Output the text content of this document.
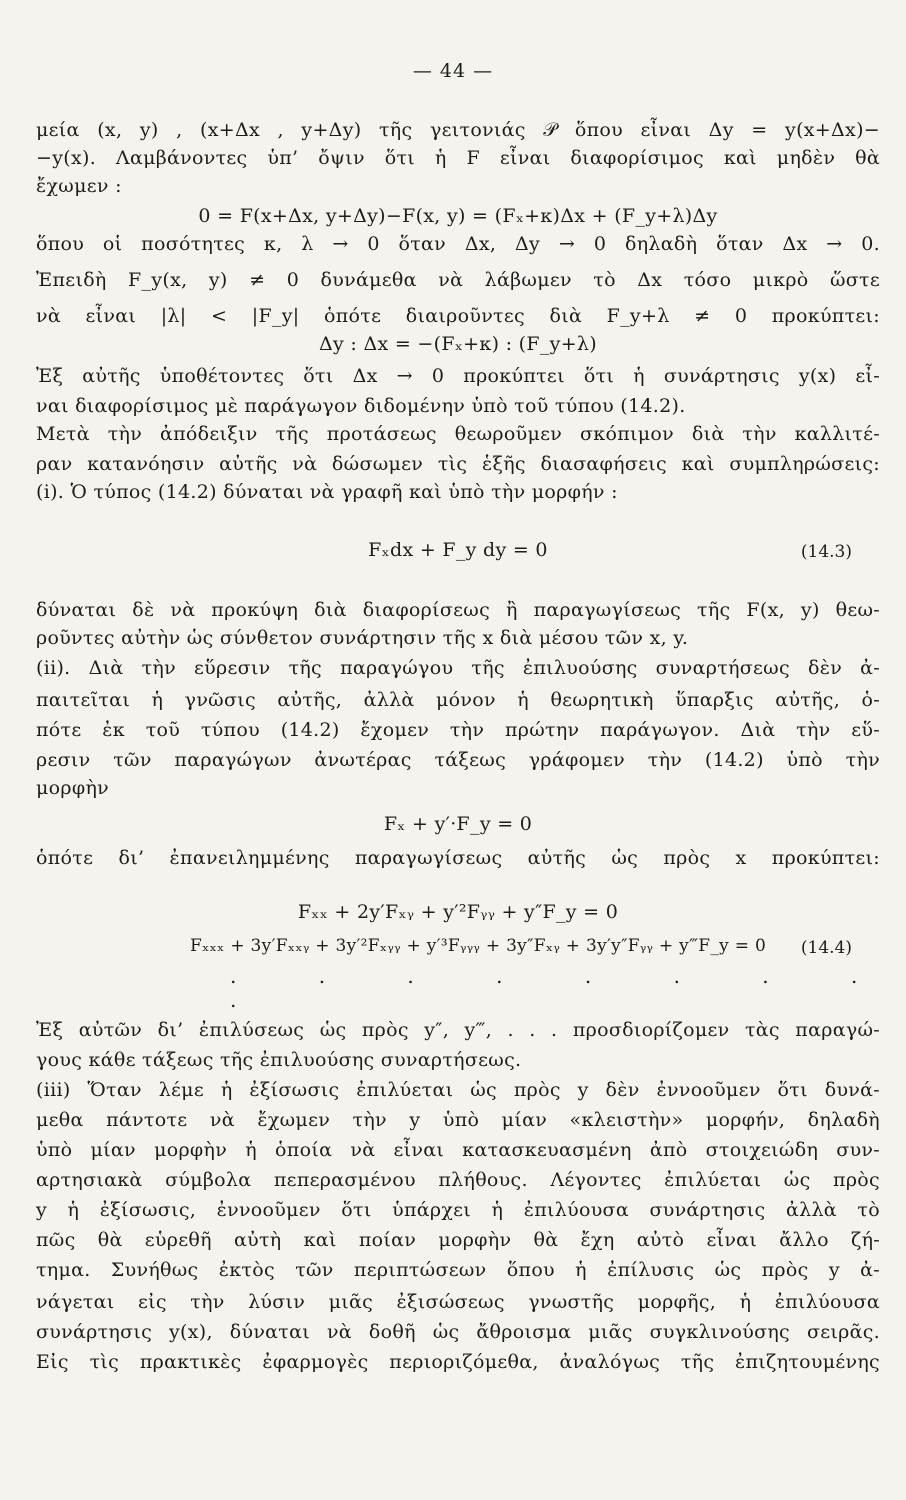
— 44 —
μεία (x, y) , (x+Δx , y+Δy) τῆς γειτονιάς 𝒫 ὅπου εἶναι Δy = y(x+Δx)−
−y(x). Λαμβάνοντες ὑπ’ ὄψιν ὅτι ἡ F εἶναι διαφορίσιμος καὶ μηδὲν θὰ
ἔχωμεν :
0 = F(x+Δx, y+Δy)−F(x, y) = (Fₓ+κ)Δx + (F_y+λ)Δy
ὅπου οἱ ποσότητες κ, λ → 0 ὅταν Δx, Δy → 0 δηλαδὴ ὅταν Δx → 0.
Ἐπειδὴ F_y(x, y) ≠ 0 δυνάμεθα νὰ λάβωμεν τὸ Δx τόσο μικρὸ ὥστε
νὰ εἶναι |λ| < |F_y| ὁπότε διαιροῦντες διὰ F_y+λ ≠ 0 προκύπτει:
Δy : Δx = −(Fₓ+κ) : (F_y+λ)
Ἐξ αὐτῆς ὑποθέτοντες ὅτι Δx → 0 προκύπτει ὅτι ἡ συνάρτησις y(x) εἶ-
ναι διαφορίσιμος μὲ παράγωγον διδομένην ὑπὸ τοῦ τύπου (14.2).
Μετὰ τὴν ἀπόδειξιν τῆς προτάσεως θεωροῦμεν σκόπιμον διὰ τὴν καλλιτέ-
ραν κατανόησιν αὐτῆς νὰ δώσωμεν τὶς ἑξῆς διασαφήσεις καὶ συμπληρώσεις:
(i). Ὁ τύπος (14.2) δύναται νὰ γραφῆ καὶ ὑπὸ τὴν μορφήν :
Fₓdx + F_y dy = 0	(14.3)
δύναται δὲ νὰ προκύψη διὰ διαφορίσεως ἢ παραγωγίσεως τῆς F(x, y) θεω-
ροῦντες αὐτὴν ὡς σύνθετον συνάρτησιν τῆς x διὰ μέσου τῶν x, y.
(ii). Διὰ τὴν εὕρεσιν τῆς παραγώγου τῆς ἐπιλυούσης συναρτήσεως δὲν ἀ-
παιτεῖται ἡ γνῶσις αὐτῆς, ἀλλὰ μόνον ἡ θεωρητικὴ ὕπαρξις αὐτῆς, ὁ-
πότε ἐκ τοῦ τύπου (14.2) ἔχομεν τὴν πρώτην παράγωγον. Διὰ τὴν εὕ-
ρεσιν τῶν παραγώγων ἀνωτέρας τάξεως γράφομεν τὴν (14.2) ὑπὸ τὴν
μορφὴν
Fₓ + y′·F_y = 0
ὁπότε δι’ ἐπανειλημμένης παραγωγίσεως αὐτῆς ὡς πρὸς x προκύπτει:
Fₓₓ + 2y′Fₓᵧ + y′²Fᵧᵧ + y″F_y = 0
Fₓₓₓ + 3y′Fₓₓᵧ + 3y′²Fₓᵧᵧ + y′³Fᵧᵧᵧ + 3y″Fₓᵧ + 3y′y″Fᵧᵧ + y‴F_y = 0 (14.4)
. . . . . . . . .
Ἐξ αὐτῶν δι’ ἐπιλύσεως ὡς πρὸς y″, y‴, . . . προσδιορίζομεν τὰς παραγώ-
γους κάθε τάξεως τῆς ἐπιλυούσης συναρτήσεως.
(iii) Ὅταν λέμε ἡ ἐξίσωσις ἐπιλύεται ὡς πρὸς y δὲν ἐννοοῦμεν ὅτι δυνά-
μεθα πάντοτε νὰ ἔχωμεν τὴν y ὑπὸ μίαν «κλειστὴν» μορφήν, δηλαδὴ
ὑπὸ μίαν μορφὴν ἡ ὁποία νὰ εἶναι κατασκευασμένη ἀπὸ στοιχειώδη συν-
αρτησιακὰ σύμβολα πεπερασμένου πλήθους. Λέγοντες ἐπιλύεται ὡς πρὸς
y ἡ ἐξίσωσις, ἐννοοῦμεν ὅτι ὑπάρχει ἡ ἐπιλύουσα συνάρτησις ἀλλὰ τὸ
πῶς θὰ εὑρεθῆ αὐτὴ καὶ ποίαν μορφὴν θὰ ἔχη αὐτὸ εἶναι ἄλλο ζή-
τημα. Συνήθως ἐκτὸς τῶν περιπτώσεων ὅπου ἡ ἐπίλυσις ὡς πρὸς y ἀ-
νάγεται εἰς τὴν λύσιν μιᾶς ἐξισώσεως γνωστῆς μορφῆς, ἡ ἐπιλύουσα
συνάρτησις y(x), δύναται νὰ δοθῆ ὡς ἄθροισμα μιᾶς συγκλινούσης σειρᾶς.
Εἰς τὶς πρακτικὲς ἐφαρμογὲς περιοριζόμεθα, ἀναλόγως τῆς ἐπιζητουμένης
